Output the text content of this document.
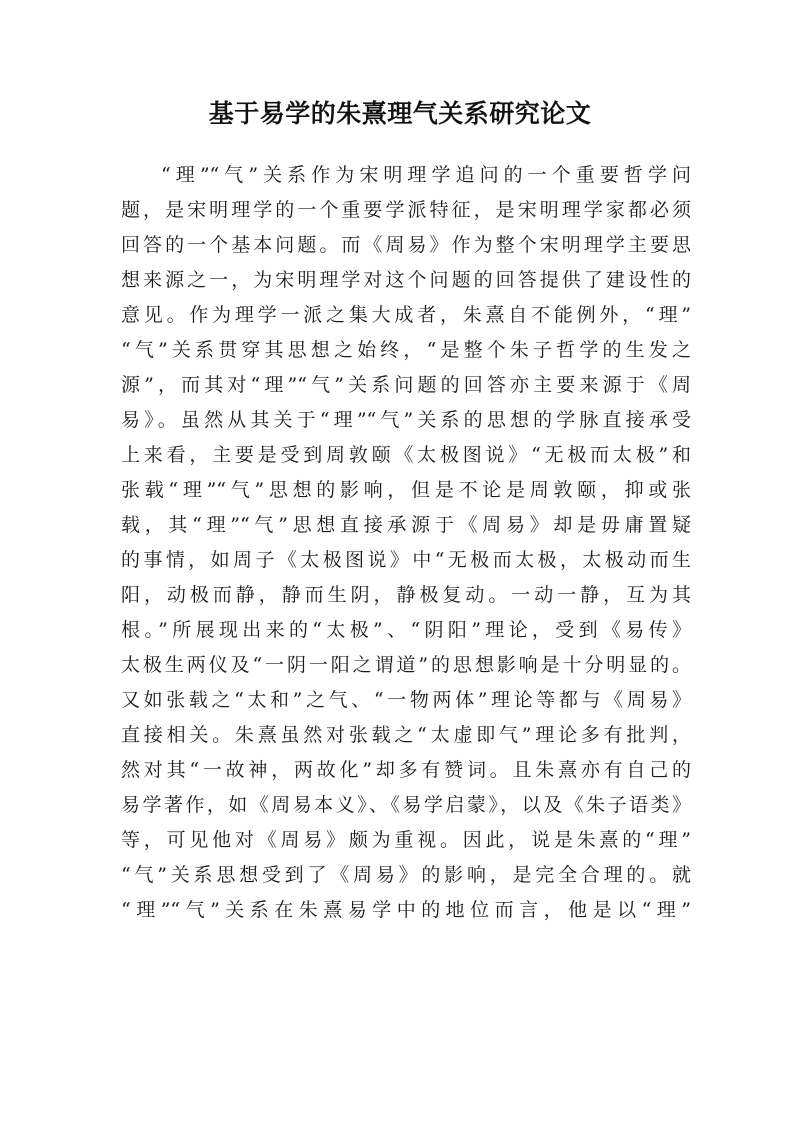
基于易学的朱熹理气关系研究论文
“理”“气”关系作为宋明理学追问的一个重要哲学问
题，是宋明理学的一个重要学派特征，是宋明理学家都必须
回答的一个基本问题。而《周易》作为整个宋明理学主要思
想来源之一，为宋明理学对这个问题的回答提供了建设性的
意见。作为理学一派之集大成者，朱熹自不能例外，“理”
“气”关系贯穿其思想之始终，“是整个朱子哲学的生发之
源”，而其对“理”“气”关系问题的回答亦主要来源于《周
易》。虽然从其关于“理”“气”关系的思想的学脉直接承受
上来看，主要是受到周敦颐《太极图说》“无极而太极”和
张载“理”“气”思想的影响，但是不论是周敦颐，抑或张
载，其“理”“气”思想直接承源于《周易》却是毋庸置疑
的事情，如周子《太极图说》中“无极而太极，太极动而生
阳，动极而静，静而生阴，静极复动。一动一静，互为其
根。”所展现出来的“太极”、“阴阳”理论，受到《易传》
太极生两仪及“一阴一阳之谓道”的思想影响是十分明显的。
又如张载之“太和”之气、“一物两体”理论等都与《周易》
直接相关。朱熹虽然对张载之“太虚即气”理论多有批判，
然对其“一故神，两故化”却多有赞词。且朱熹亦有自己的
易学著作，如《周易本义》、《易学启蒙》，以及《朱子语类》
等，可见他对《周易》颇为重视。因此，说是朱熹的“理”
“气”关系思想受到了《周易》的影响，是完全合理的。就
“理”“气”关系在朱熹易学中的地位而言，他是以“理”
